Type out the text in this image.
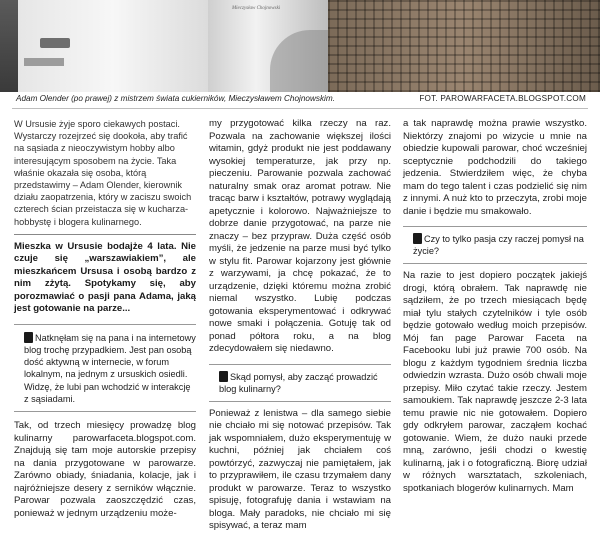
Mieczysław Chojnowski
Adam Olender (po prawej) z mistrzem świata cukierników, Mieczysławem Chojnowskim.	FOT. PAROWARFACETA.BLOGSPOT.COM

W Ursusie żyje sporo ciekawych postaci. Wystarczy rozejrzeć się dookoła, aby trafić na sąsiada z nieoczywistym hobby albo interesującym sposobem na życie. Taka właśnie okazała się osoba, którą przedstawimy – Adam Olender, kierownik działu zaopatrzenia, który w zaciszu swoich czterech ścian przeistacza się w kucharza-hobbystę i blogera kulinarnego.

Mieszka w Ursusie bodajże 4 lata. Nie czuje się „warszawiakiem”, ale mieszkańcem Ursusa i osobą bardzo z nim zżytą. Spotykamy się, aby porozmawiać o pasji pana Adama, jaką jest gotowanie na parze...

Natknęłam się na pana i na internetowy blog trochę przypadkiem. Jest pan osobą dość aktywną w internecie, w forum lokalnym, na jednym z ursuskich osiedli. Widzę, że lubi pan wchodzić w interakcję z sąsiadami.

Tak, od trzech miesięcy prowadzę blog kulinarny parowarfaceta.blogspot.com. Znajdują się tam moje autorskie przepisy na dania przygotowane w parowarze. Zarówno obiady, śniadania, kolacje, jak i najróżniejsze desery z serników włącznie. Parowar pozwala zaoszczędzić czas, ponieważ w jednym urządzeniu może-

my przygotować kilka rzeczy na raz. Pozwala na zachowanie większej ilości witamin, gdyż produkt nie jest poddawany wysokiej temperaturze, jak przy np. pieczeniu. Parowanie pozwala zachować naturalny smak oraz aromat potraw. Nie tracąc barw i kształtów, potrawy wyglądają apetycznie i kolorowo. Najważniejsze to dobrze danie przygotować, na parze nie znaczy – bez przypraw. Duża część osób myśli, że jedzenie na parze musi być tylko w stylu fit. Parowar kojarzony jest głównie z warzywami, ja chcę pokazać, że to urządzenie, dzięki któremu można zrobić niemal wszystko. Lubię podczas gotowania eksperymentować i odkrywać nowe smaki i połączenia. Gotuję tak od ponad półtora roku, a na blog zdecydowałem się niedawno.

Skąd pomysł, aby zacząć prowadzić blog kulinarny?

Ponieważ z lenistwa – dla samego siebie nie chciało mi się notować przepisów. Tak jak wspomniałem, dużo eksperymentuję w kuchni, później jak chciałem coś powtórzyć, zazwyczaj nie pamiętałem, jak to przyprawiłem, ile czasu trzymałem dany produkt w parowarze. Teraz to wszystko spisuję, fotografuję dania i wstawiam na bloga. Mały paradoks, nie chciało mi się spisywać, a teraz mam

a tak naprawdę można prawie wszystko. Niektórzy znajomi po wizycie u mnie na obiedzie kupowali parowar, choć wcześniej sceptycznie podchodzili do takiego jedzenia. Stwierdziłem więc, że chyba mam do tego talent i czas podzielić się nim z innymi. A nuż kto to przeczyta, zrobi moje danie i będzie mu smakowało.

Czy to tylko pasja czy raczej pomysł na życie?

Na razie to jest dopiero początek jakiejś drogi, którą obrałem. Tak naprawdę nie sądziłem, że po trzech miesiącach będę miał tylu stałych czytelników i tyle osób będzie gotowało według moich przepisów. Mój fan page Parowar Faceta na Facebooku lubi już prawie 700 osób. Na blogu z każdym tygodniem średnia liczba odwiedzin wzrasta. Dużo osób chwali moje przepisy. Miło czytać takie rzeczy. Jestem samoukiem. Tak naprawdę jeszcze 2-3 lata temu prawie nic nie gotowałem. Dopiero gdy odkryłem parowar, zacząłem kochać gotowanie. Wiem, że dużo nauki przede mną, zarówno, jeśli chodzi o kwestię kulinarną, jak i o fotograficzną. Biorę udział w różnych warsztatach, szkoleniach, spotkaniach blogerów kulinarnych. Mam
